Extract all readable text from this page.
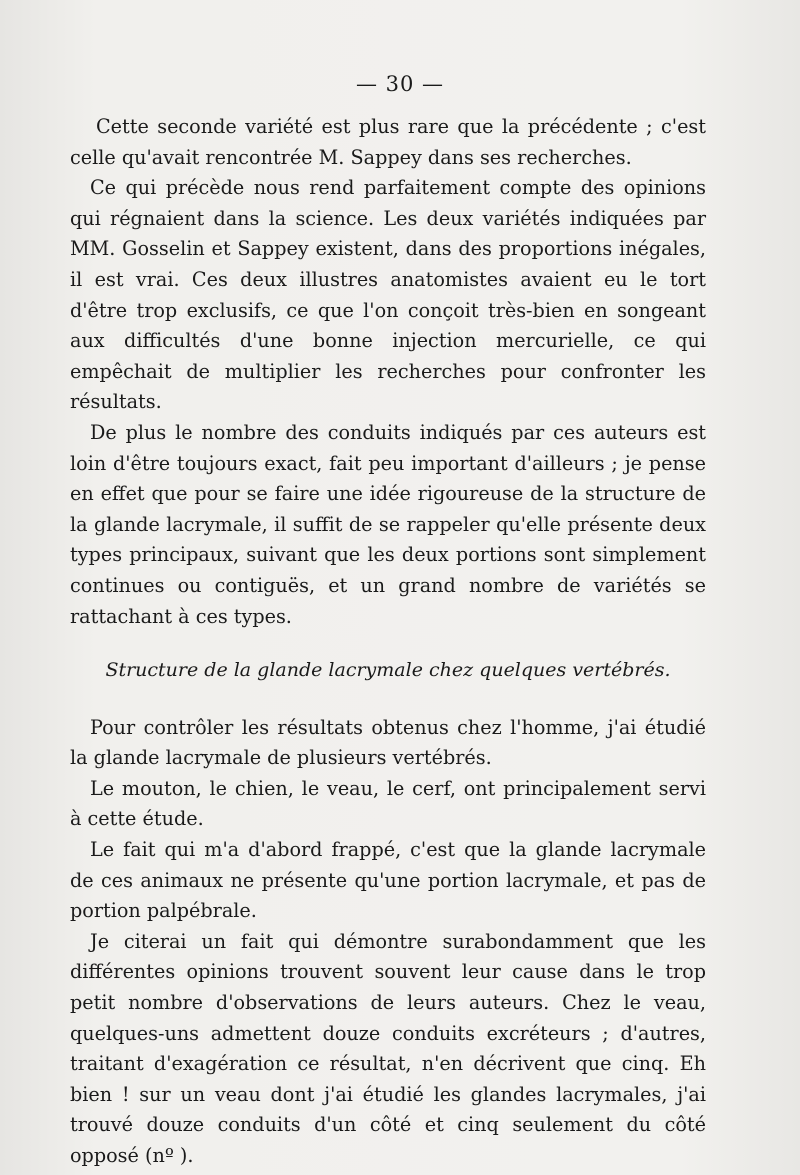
— 30 —

Cette seconde variété est plus rare que la précédente ; c'est celle qu'avait rencontrée M. Sappey dans ses recherches.

Ce qui précède nous rend parfaitement compte des opinions qui régnaient dans la science. Les deux variétés indiquées par MM. Gosselin et Sappey existent, dans des proportions inégales, il est vrai. Ces deux illustres anatomistes avaient eu le tort d'être trop exclusifs, ce que l'on conçoit très-bien en songeant aux difficultés d'une bonne injection mercurielle, ce qui empêchait de multiplier les recherches pour confronter les résultats.

De plus le nombre des conduits indiqués par ces auteurs est loin d'être toujours exact, fait peu important d'ailleurs ; je pense en effet que pour se faire une idée rigoureuse de la structure de la glande lacrymale, il suffit de se rappeler qu'elle présente deux types principaux, suivant que les deux portions sont simplement continues ou contiguës, et un grand nombre de variétés se rattachant à ces types.

Structure de la glande lacrymale chez quelques vertébrés.

Pour contrôler les résultats obtenus chez l'homme, j'ai étudié la glande lacrymale de plusieurs vertébrés.

Le mouton, le chien, le veau, le cerf, ont principalement servi à cette étude.

Le fait qui m'a d'abord frappé, c'est que la glande lacrymale de ces animaux ne présente qu'une portion lacrymale, et pas de portion palpébrale.

Je citerai un fait qui démontre surabondamment que les différentes opinions trouvent souvent leur cause dans le trop petit nombre d'observations de leurs auteurs. Chez le veau, quelques-uns admettent douze conduits excréteurs ; d'autres, traitant d'exagération ce résultat, n'en décrivent que cinq. Eh bien ! sur un veau dont j'ai étudié les glandes lacrymales, j'ai trouvé douze conduits d'un côté et cinq seulement du côté opposé (nº ).
